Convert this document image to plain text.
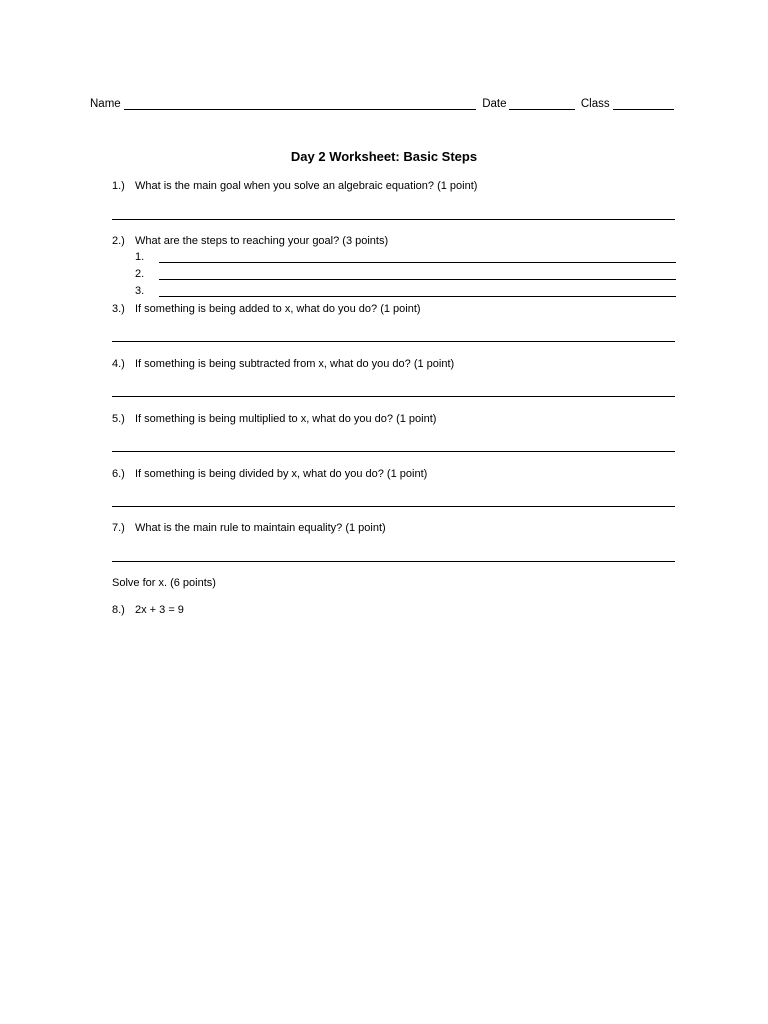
Name	Date	Class
Day 2 Worksheet: Basic Steps
1.) What is the main goal when you solve an algebraic equation? (1 point)
2.) What are the steps to reaching your goal? (3 points)
1.
2.
3.
3.) If something is being added to x, what do you do? (1 point)
4.) If something is being subtracted from x, what do you do? (1 point)
5.) If something is being multiplied to x, what do you do? (1 point)
6.) If something is being divided by x, what do you do? (1 point)
7.) What is the main rule to maintain equality? (1 point)
Solve for x. (6 points)
8.) 2x + 3 = 9
